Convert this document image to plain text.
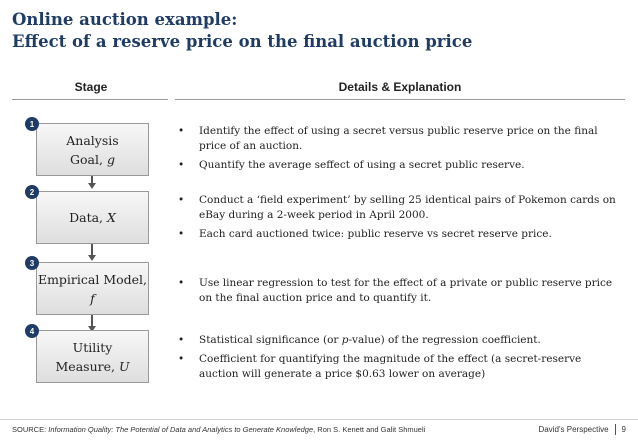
Online auction example:
Effect of a reserve price on the final auction price
Stage	Details & Explanation
1
Analysis
Goal, g
2
Data, X
3
Empirical Model,
f
4
Utility
Measure, U
• Identify the effect of using a secret versus public reserve price on the final price of an auction.
• Quantify the average seffect of using a secret public reserve.
• Conduct a ‘field experiment’ by selling 25 identical pairs of Pokemon cards on eBay during a 2-week period in April 2000.
• Each card auctioned twice: public reserve vs secret reserve price.
• Use linear regression to test for the effect of a private or public reserve price on the final auction price and to quantify it.
• Statistical significance (or p-value) of the regression coefficient.
• Coefficient for quantifying the magnitude of the effect (a secret-reserve auction will generate a price $0.63 lower on average)
SOURCE: Information Quality: The Potential of Data and Analytics to Generate Knowledge, Ron S. Kenett and Galit Shmueli	David’s Perspective 9
